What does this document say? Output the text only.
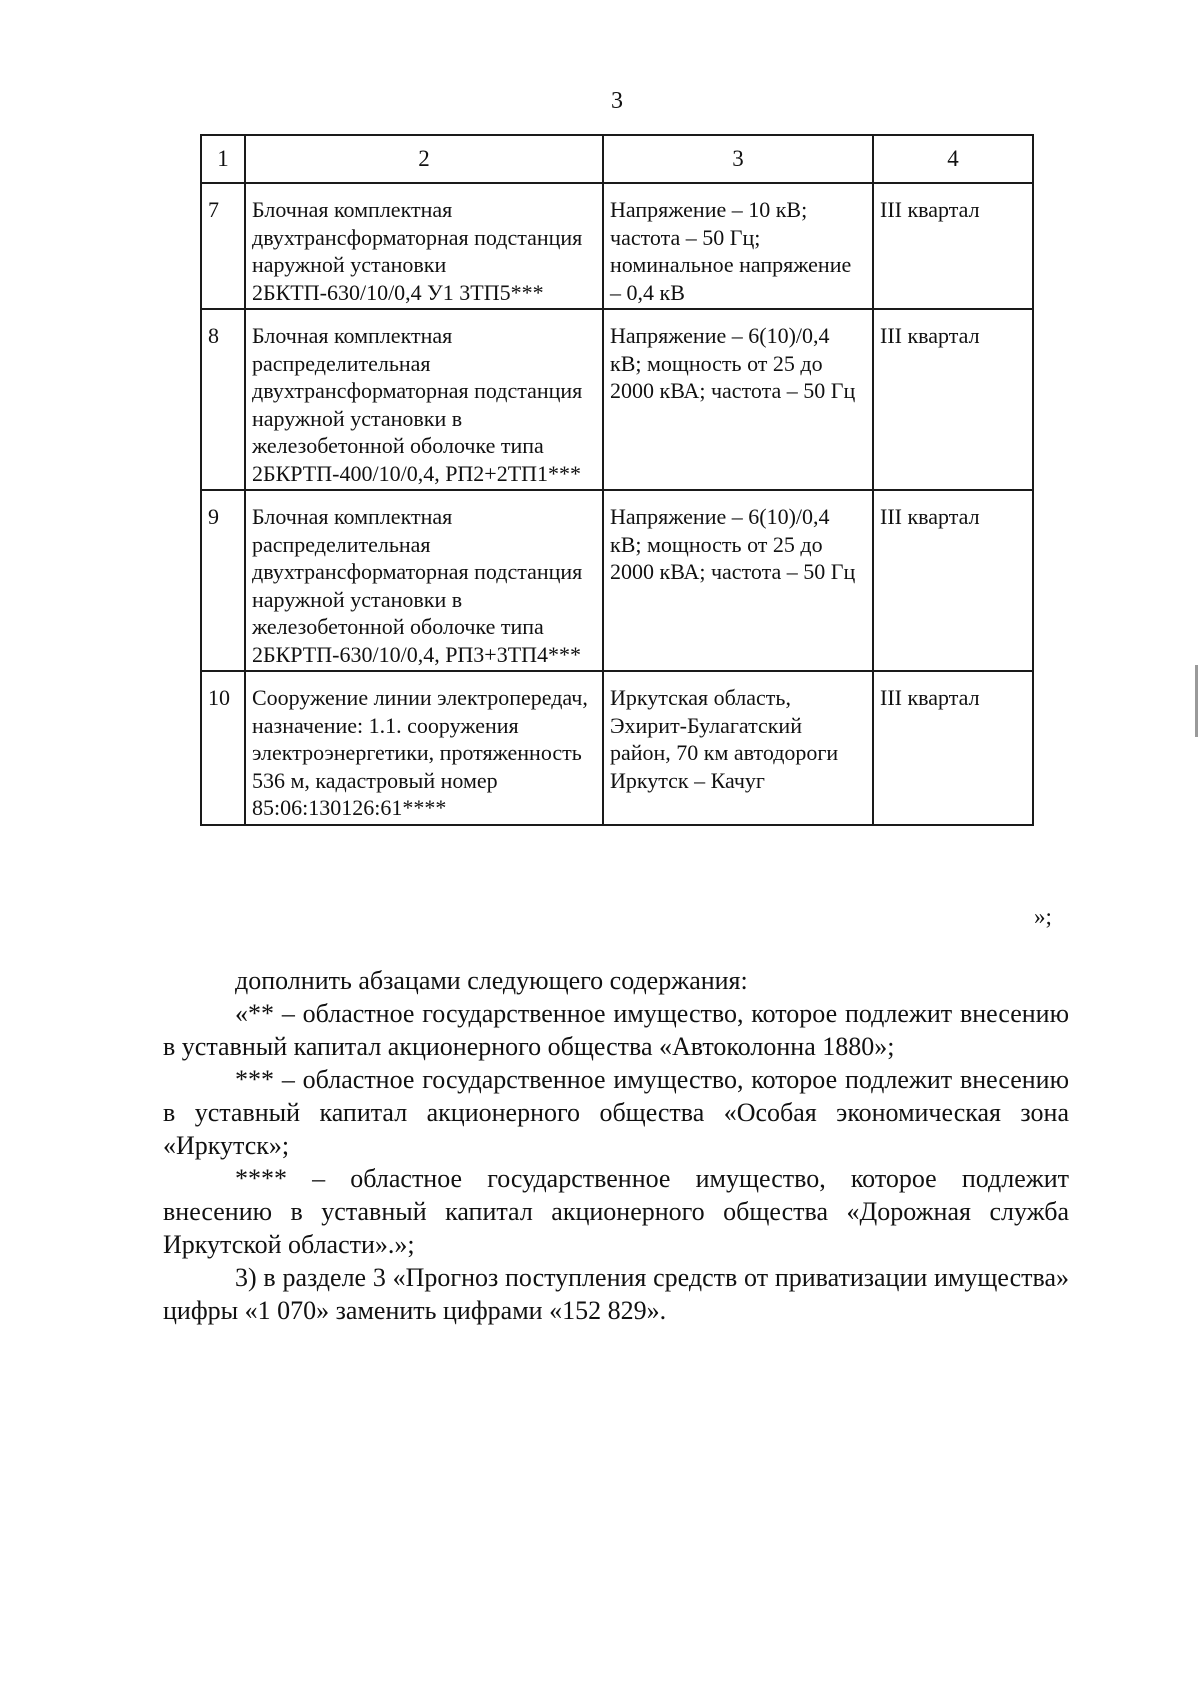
3
1	2	3	4
7	Блочная комплектная двухтрансформаторная подстанция наружной установки 2БКТП-630/10/0,4 У1 3ТП5***	Напряжение – 10 кВ; частота – 50 Гц; номинальное напряжение – 0,4 кВ	III квартал
8	Блочная комплектная распределительная двухтрансформаторная подстанция наружной установки в железобетонной оболочке типа 2БКРТП-400/10/0,4, РП2+2ТП1***	Напряжение – 6(10)/0,4 кВ; мощность от 25 до 2000 кВА; частота – 50 Гц	III квартал
9	Блочная комплектная распределительная двухтрансформаторная подстанция наружной установки в железобетонной оболочке типа 2БКРТП-630/10/0,4, РП3+3ТП4***	Напряжение – 6(10)/0,4 кВ; мощность от 25 до 2000 кВА; частота – 50 Гц	III квартал
10	Сооружение линии электропередач, назначение: 1.1. сооружения электроэнергетики, протяженность 536 м, кадастровый номер 85:06:130126:61****	Иркутская область, Эхирит-Булагатский район, 70 км автодороги Иркутск – Качуг	III квартал
»;

дополнить абзацами следующего содержания:

«** – областное государственное имущество, которое подлежит внесению в уставный капитал акционерного общества «Автоколонна 1880»;

*** – областное государственное имущество, которое подлежит внесению в уставный капитал акционерного общества «Особая экономическая зона «Иркутск»;

**** – областное государственное имущество, которое подлежит внесению в уставный капитал акционерного общества «Дорожная служба Иркутской области».»;

3) в разделе 3 «Прогноз поступления средств от приватизации имущества» цифры «1 070» заменить цифрами «152 829».
